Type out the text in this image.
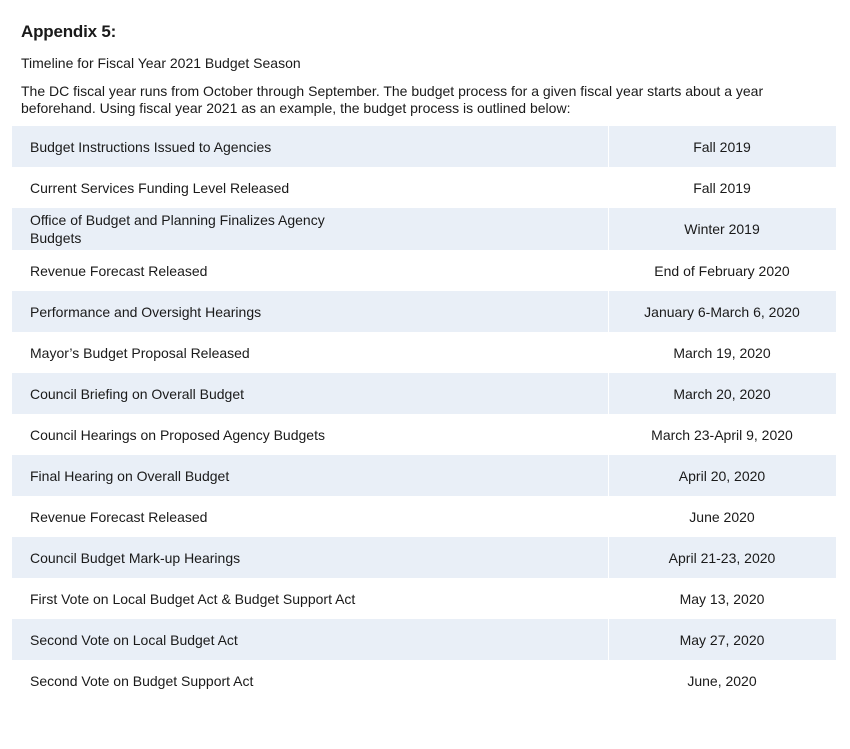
Appendix 5:
Timeline for Fiscal Year 2021 Budget Season
The DC fiscal year runs from October through September. The budget process for a given fiscal year starts about a year beforehand. Using fiscal year 2021 as an example, the budget process is outlined below:
Budget Instructions Issued to Agencies	Fall 2019
Current Services Funding Level Released	Fall 2019
Office of Budget and Planning Finalizes Agency Budgets	Winter 2019
Revenue Forecast Released	End of February 2020
Performance and Oversight Hearings	January 6-March 6, 2020
Mayor’s Budget Proposal Released	March 19, 2020
Council Briefing on Overall Budget	March 20, 2020
Council Hearings on Proposed Agency Budgets	March 23-April 9, 2020
Final Hearing on Overall Budget	April 20, 2020
Revenue Forecast Released	June 2020
Council Budget Mark-up Hearings	April 21-23, 2020
First Vote on Local Budget Act & Budget Support Act	May 13, 2020
Second Vote on Local Budget Act	May 27, 2020
Second Vote on Budget Support Act	June, 2020
